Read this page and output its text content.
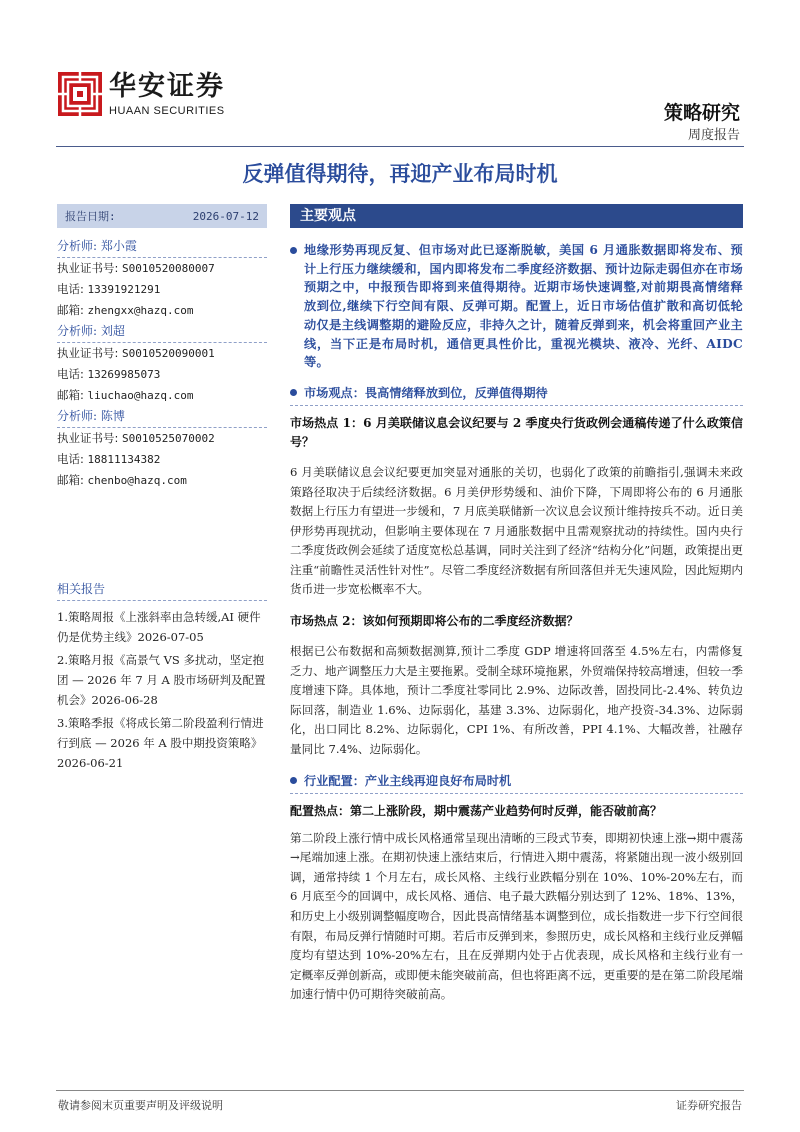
华安证券
HUAAN SECURITIES	策略研究
周度报告
反弹值得期待，再迎产业布局时机
报告日期:	2026-07-12
分析师: 郑小霞
执业证书号: S0010520080007
电话: 13391921291
邮箱: zhengxx@hazq.com
分析师: 刘超
执业证书号: S0010520090001
电话: 13269985073
邮箱: liuchao@hazq.com
分析师: 陈博
执业证书号: S0010525070002
电话: 18811134382
邮箱: chenbo@hazq.com
相关报告
1.策略周报《上涨斜率由急转缓,AI 硬件仍是优势主线》2026-07-05
2.策略月报《高景气 VS 多扰动，坚定抱团 — 2026 年 7 月 A 股市场研判及配置机会》2026-06-28
3.策略季报《将成长第二阶段盈利行情进行到底 — 2026 年 A 股中期投资策略》2026-06-21
主要观点
地缘形势再现反复、但市场对此已逐渐脱敏，美国 6 月通胀数据即将发布、预计上行压力继续缓和，国内即将发布二季度经济数据、预计边际走弱但亦在市场预期之中，中报预告即将到来值得期待。近期市场快速调整,对前期畏高情绪释放到位,继续下行空间有限、反弹可期。配置上，近日市场估值扩散和高切低轮动仅是主线调整期的避险反应，非持久之计，随着反弹到来，机会将重回产业主线，当下正是布局时机，通信更具性价比，重视光模块、液冷、光纤、AIDC 等。
市场观点：畏高情绪释放到位，反弹值得期待
市场热点 1：6 月美联储议息会议纪要与 2 季度央行货政例会通稿传递了什么政策信号？
6 月美联储议息会议纪要更加突显对通胀的关切，也弱化了政策的前瞻指引,强调未来政策路径取决于后续经济数据。6 月美伊形势缓和、油价下降，下周即将公布的 6 月通胀数据上行压力有望进一步缓和，7 月底美联储新一次议息会议预计维持按兵不动。近日美伊形势再现扰动，但影响主要体现在 7 月通胀数据中且需观察扰动的持续性。国内央行二季度货政例会延续了适度宽松总基调，同时关注到了经济“结构分化”问题，政策提出更注重“前瞻性灵活性针对性”。尽管二季度经济数据有所回落但并无失速风险，因此短期内货币进一步宽松概率不大。
市场热点 2：该如何预期即将公布的二季度经济数据？
根据已公布数据和高频数据测算,预计二季度 GDP 增速将回落至 4.5%左右，内需修复乏力、地产调整压力大是主要拖累。受制全球环境拖累，外贸端保持较高增速，但较一季度增速下降。具体地，预计二季度社零同比 2.9%、边际改善，固投同比-2.4%、转负边际回落，制造业 1.6%、边际弱化，基建 3.3%、边际弱化，地产投资-34.3%、边际弱化，出口同比 8.2%、边际弱化，CPI 1%、有所改善，PPI 4.1%、大幅改善，社融存量同比 7.4%、边际弱化。
行业配置：产业主线再迎良好布局时机
配置热点：第二上涨阶段，期中震荡产业趋势何时反弹，能否破前高？
第二阶段上涨行情中成长风格通常呈现出清晰的三段式节奏，即期初快速上涨→期中震荡→尾端加速上涨。在期初快速上涨结束后，行情进入期中震荡，将紧随出现一波小级别回调，通常持续 1 个月左右，成长风格、主线行业跌幅分别在 10%、10%-20%左右，而 6 月底至今的回调中，成长风格、通信、电子最大跌幅分别达到了 12%、18%、13%，和历史上小级别调整幅度吻合，因此畏高情绪基本调整到位，成长指数进一步下行空间很有限，布局反弹行情随时可期。若后市反弹到来，参照历史，成长风格和主线行业反弹幅度均有望达到 10%-20%左右，且在反弹期内处于占优表现，成长风格和主线行业有一定概率反弹创新高，或即便未能突破前高，但也将距离不远，更重要的是在第二阶段尾端加速行情中仍可期待突破前高。
敬请参阅末页重要声明及评级说明	证券研究报告
